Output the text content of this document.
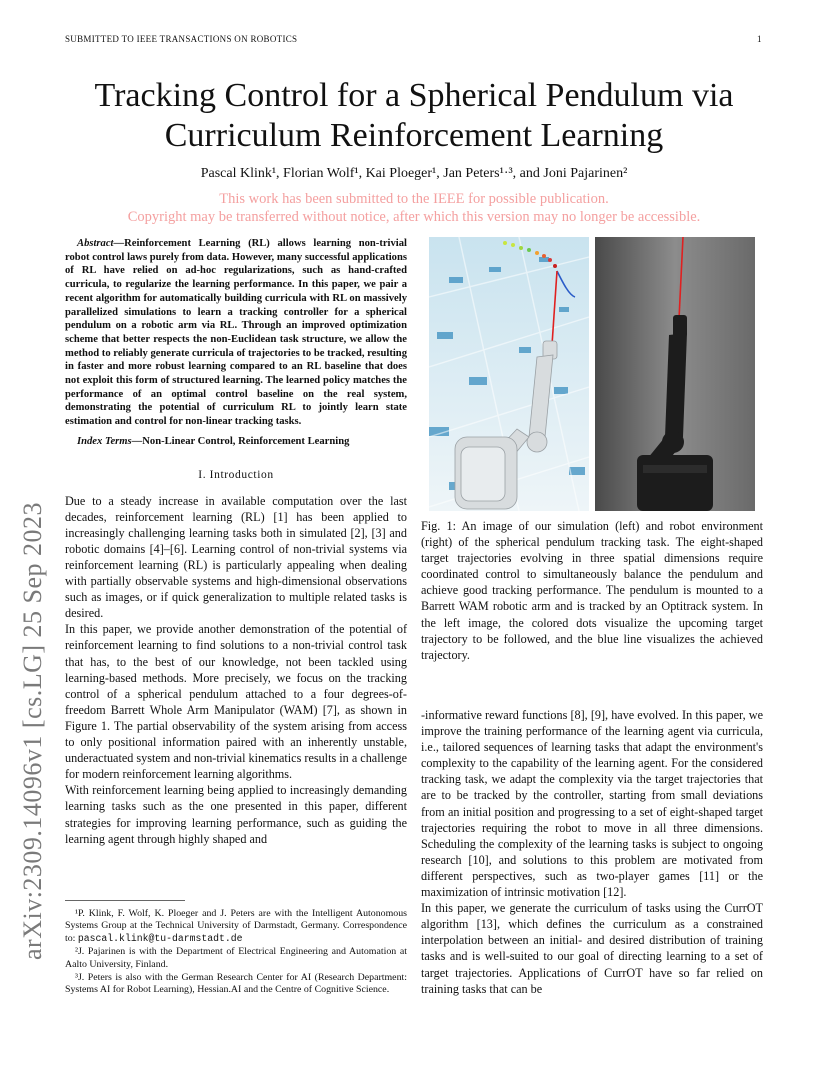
SUBMITTED TO IEEE TRANSACTIONS ON ROBOTICS	1
arXiv:2309.14096v1 [cs.LG] 25 Sep 2023
Tracking Control for a Spherical Pendulum via Curriculum Reinforcement Learning
Pascal Klink¹, Florian Wolf¹, Kai Ploeger¹, Jan Peters¹·³, and Joni Pajarinen²
This work has been submitted to the IEEE for possible publication.
Copyright may be transferred without notice, after which this version may no longer be accessible.

Abstract—Reinforcement Learning (RL) allows learning non-trivial robot control laws purely from data. However, many successful applications of RL have relied on ad-hoc regularizations, such as hand-crafted curricula, to regularize the learning performance. In this paper, we pair a recent algorithm for automatically building curricula with RL on massively parallelized simulations to learn a tracking controller for a spherical pendulum on a robotic arm via RL. Through an improved optimization scheme that better respects the non-Euclidean task structure, we allow the method to reliably generate curricula of trajectories to be tracked, resulting in faster and more robust learning compared to an RL baseline that does not exploit this form of structured learning. The learned policy matches the performance of an optimal control baseline on the real system, demonstrating the potential of curriculum RL to jointly learn state estimation and control for non-linear tracking tasks.

Index Terms—Non-Linear Control, Reinforcement Learning

I. Introduction

Due to a steady increase in available computation over the last decades, reinforcement learning (RL) [1] has been applied to increasingly challenging learning tasks both in simulated [2], [3] and robotic domains [4]–[6]. Learning control of non-trivial systems via reinforcement learning (RL) is particularly appealing when dealing with partially observable systems and high-dimensional observations such as images, or if quick generalization to multiple related tasks is desired.

In this paper, we provide another demonstration of the potential of reinforcement learning to find solutions to a non-trivial control task that has, to the best of our knowledge, not been tackled using learning-based methods. More precisely, we focus on the tracking control of a spherical pendulum attached to a four degrees-of-freedom Barrett Whole Arm Manipulator (WAM) [7], as shown in Figure 1. The partial observability of the system arising from access to only positional information paired with an inherently unstable, underactuated system and non-trivial kinematics results in a challenge for modern reinforcement learning algorithms.

With reinforcement learning being applied to increasingly demanding learning tasks such as the one presented in this paper, different strategies for improving learning performance, such as guiding the learning agent through highly shaped and

¹P. Klink, F. Wolf, K. Ploeger and J. Peters are with the Intelligent Autonomous Systems Group at the Technical University of Darmstadt, Germany. Correspondence to: pascal.klink@tu-darmstadt.de

²J. Pajarinen is with the Department of Electrical Engineering and Automation at Aalto University, Finland.

³J. Peters is also with the German Research Center for AI (Research Department: Systems AI for Robot Learning), Hessian.AI and the Centre of Cognitive Science.

Fig. 1: An image of our simulation (left) and robot environment (right) of the spherical pendulum tracking task. The eight-shaped target trajectories evolving in three spatial dimensions require coordinated control to simultaneously balance the pendulum and achieve good tracking performance. The pendulum is mounted to a Barrett WAM robotic arm and is tracked by an Optitrack system. In the left image, the colored dots visualize the upcoming target trajectory to be followed, and the blue line visualizes the achieved trajectory.

-informative reward functions [8], [9], have evolved. In this paper, we improve the training performance of the learning agent via curricula, i.e., tailored sequences of learning tasks that adapt the environment's complexity to the capability of the learning agent. For the considered tracking task, we adapt the complexity via the target trajectories that are to be tracked by the controller, starting from small deviations from an initial position and progressing to a set of eight-shaped target trajectories requiring the robot to move in all three dimensions. Scheduling the complexity of the learning tasks is subject to ongoing research [10], and solutions to this problem are motivated from different perspectives, such as two-player games [11] or the maximization of intrinsic motivation [12].

In this paper, we generate the curriculum of tasks using the CurrOT algorithm [13], which defines the curriculum as a constrained interpolation between an initial- and desired distribution of training tasks and is well-suited to our goal of directing learning to a set of target trajectories. Applications of CurrOT have so far relied on training tasks that can be
